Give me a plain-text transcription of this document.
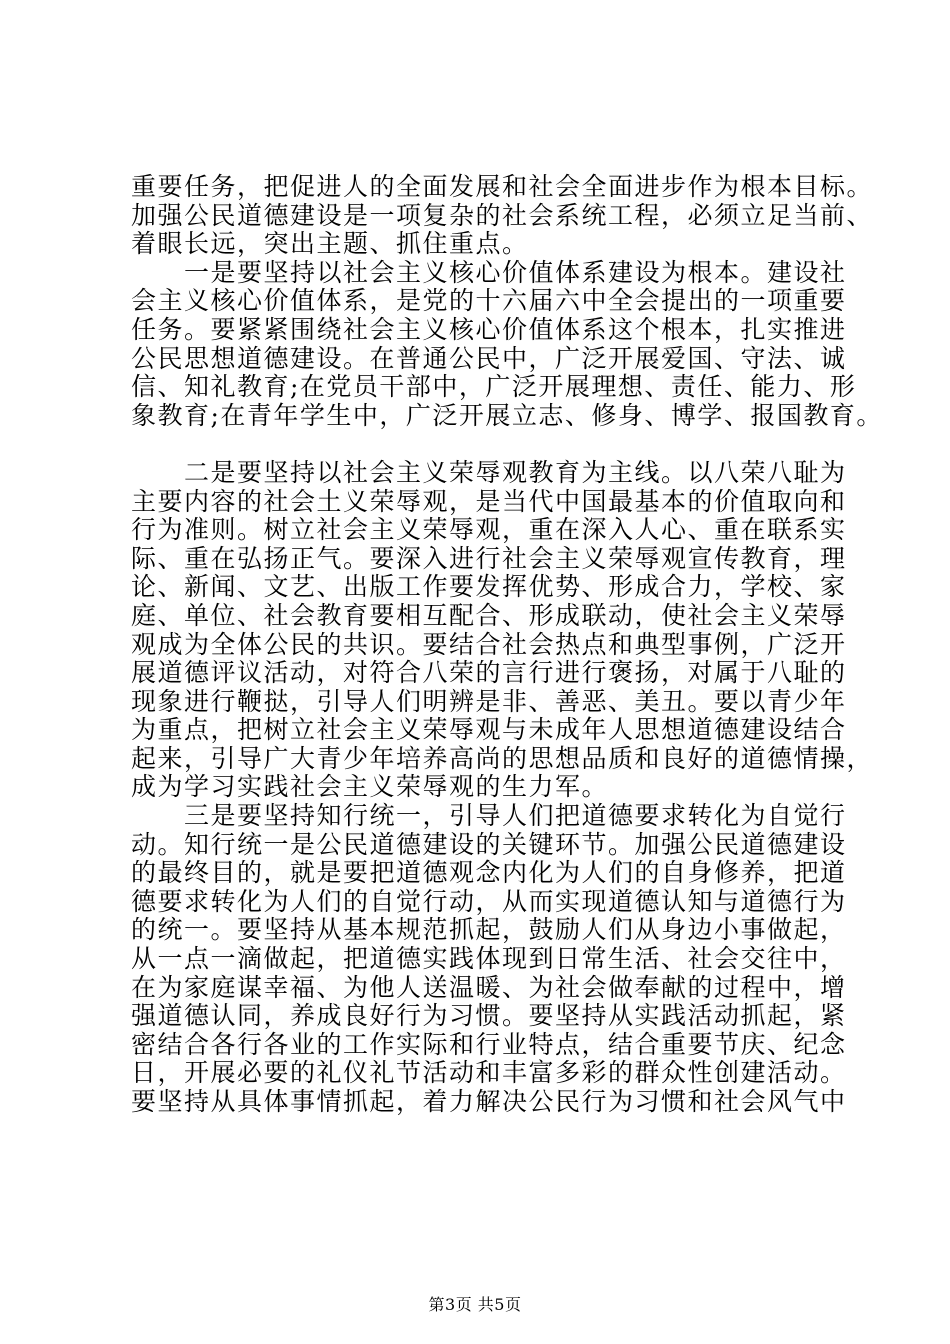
重要任务，把促进人的全面发展和社会全面进步作为根本目标。
加强公民道德建设是一项复杂的社会系统工程，必须立足当前、
着眼长远，突出主题、抓住重点。
　　一是要坚持以社会主义核心价值体系建设为根本。建设社
会主义核心价值体系，是党的十六届六中全会提出的一项重要
任务。要紧紧围绕社会主义核心价值体系这个根本，扎实推进
公民思想道德建设。在普通公民中，广泛开展爱国、守法、诚
信、知礼教育;在党员干部中，广泛开展理想、责任、能力、形
象教育;在青年学生中，广泛开展立志、修身、博学、报国教育。
　　二是要坚持以社会主义荣辱观教育为主线。以八荣八耻为
主要内容的社会土义荣辱观，是当代中国最基本的价值取向和
行为准则。树立社会主义荣辱观，重在深入人心、重在联系实
际、重在弘扬正气。要深入进行社会主义荣辱观宣传教育，理
论、新闻、文艺、出版工作要发挥优势、形成合力，学校、家
庭、单位、社会教育要相互配合、形成联动，使社会主义荣辱
观成为全体公民的共识。要结合社会热点和典型事例，广泛开
展道德评议活动，对符合八荣的言行进行褒扬，对属于八耻的
现象进行鞭挞，引导人们明辨是非、善恶、美丑。要以青少年
为重点，把树立社会主义荣辱观与未成年人思想道德建设结合
起来，引导广大青少年培养高尚的思想品质和良好的道德情操，
成为学习实践社会主义荣辱观的生力军。
　　三是要坚持知行统一，引导人们把道德要求转化为自觉行
动。知行统一是公民道德建设的关键环节。加强公民道德建设
的最终目的，就是要把道德观念内化为人们的自身修养，把道
德要求转化为人们的自觉行动，从而实现道德认知与道德行为
的统一。要坚持从基本规范抓起，鼓励人们从身边小事做起，
从一点一滴做起，把道德实践体现到日常生活、社会交往中，
在为家庭谋幸福、为他人送温暖、为社会做奉献的过程中，增
强道德认同，养成良好行为习惯。要坚持从实践活动抓起，紧
密结合各行各业的工作实际和行业特点，结合重要节庆、纪念
日，开展必要的礼仪礼节活动和丰富多彩的群众性创建活动。
要坚持从具体事情抓起，着力解决公民行为习惯和社会风气中
第3页 共5页
